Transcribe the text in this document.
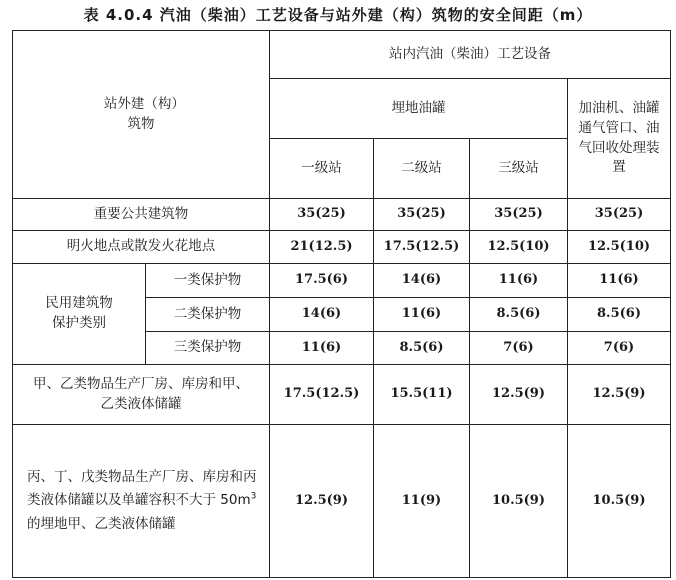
表 4.0.4 汽油（柴油）工艺设备与站外建（构）筑物的安全间距（m）
站外建（构）筑物		站内汽油（柴油）工艺设备			
		埋地油罐			加油机、油罐通气管口、油气回收处理装置

		一级站	二级站	三级站	
重要公共建筑物		35(25)	35(25)	35(25)	35(25)
明火地点或散发火花地点		21(12.5)	17.5(12.5)	12.5(10)	12.5(10)

民用建筑物保护类别	一类保护物	17.5(6)	14(6)	11(6)	11(6)
	二类保护物	14(6)	11(6)	8.5(6)	8.5(6)
	三类保护物	11(6)	8.5(6)	7(6)	7(6)

甲、乙类物品生产厂房、库房和甲、乙类液体储罐		17.5(12.5)	15.5(11)	12.5(9)	12.5(9)

丙、丁、戊类物品生产厂房、库房和丙类液体储罐以及单罐容积不大于 $50m^3$ 的埋地甲、乙类液体储罐		12.5(9)	11(9)	10.5(9)	10.5(9)
